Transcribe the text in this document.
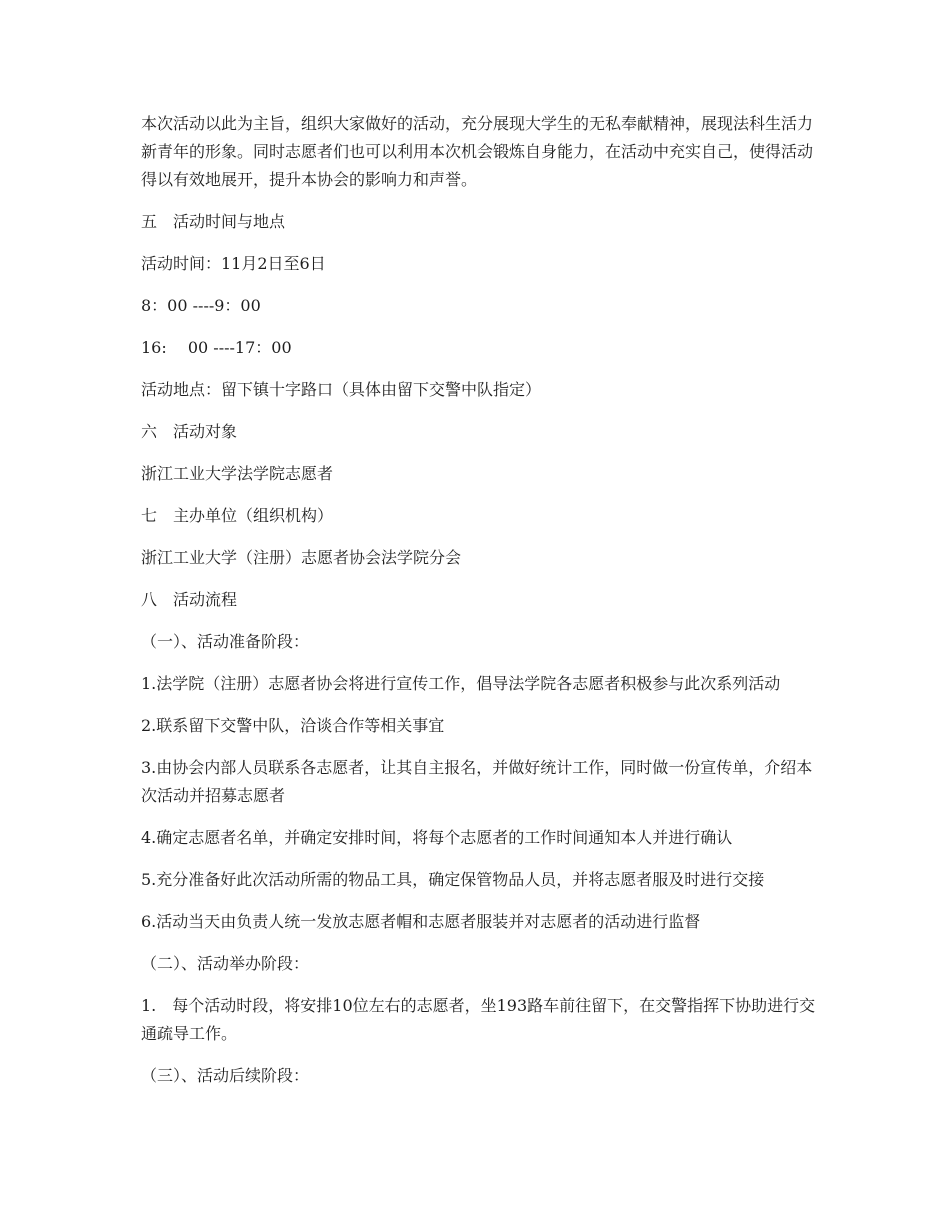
本次活动以此为主旨，组织大家做好的活动，充分展现大学生的无私奉献精神，展现法科生活力新青年的形象。同时志愿者们也可以利用本次机会锻炼自身能力，在活动中充实自己，使得活动得以有效地展开，提升本协会的影响力和声誉。

五　活动时间与地点

活动时间：11月2日至6日

8：00 ----9：00

16:　 00 ----17：00

活动地点：留下镇十字路口（具体由留下交警中队指定）

六　活动对象

浙江工业大学法学院志愿者

七　主办单位（组织机构）

浙江工业大学（注册）志愿者协会法学院分会

八　活动流程

（一）、活动准备阶段：

1.法学院（注册）志愿者协会将进行宣传工作，倡导法学院各志愿者积极参与此次系列活动

2.联系留下交警中队，洽谈合作等相关事宜

3.由协会内部人员联系各志愿者，让其自主报名，并做好统计工作，同时做一份宣传单，介绍本次活动并招募志愿者

4.确定志愿者名单，并确定安排时间，将每个志愿者的工作时间通知本人并进行确认

5.充分准备好此次活动所需的物品工具，确定保管物品人员，并将志愿者服及时进行交接

6.活动当天由负责人统一发放志愿者帽和志愿者服装并对志愿者的活动进行监督

（二）、活动举办阶段：

1.　每个活动时段，将安排10位左右的志愿者，坐193路车前往留下，在交警指挥下协助进行交通疏导工作。

（三）、活动后续阶段：
